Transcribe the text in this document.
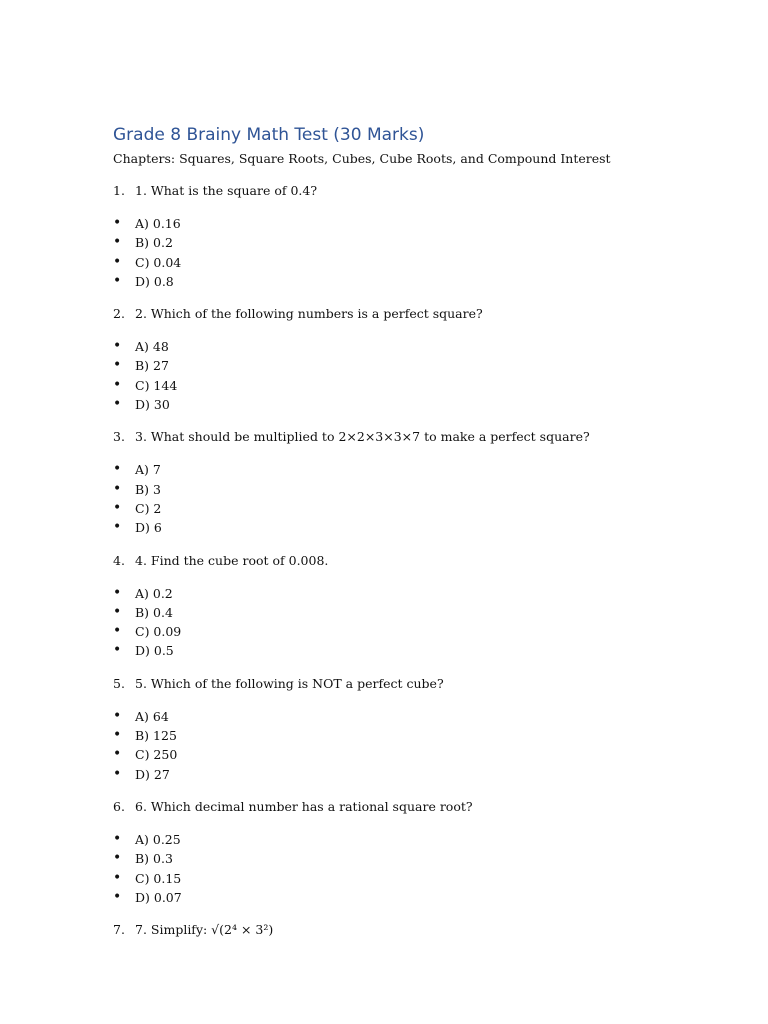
Grade 8 Brainy Math Test (30 Marks)
Chapters: Squares, Square Roots, Cubes, Cube Roots, and Compound Interest
1. 1. What is the square of 0.4?
•	A) 0.16
•	B) 0.2
•	C) 0.04
•	D) 0.8
2. 2. Which of the following numbers is a perfect square?
•	A) 48
•	B) 27
•	C) 144
•	D) 30
3. 3. What should be multiplied to 2×2×3×3×7 to make a perfect square?
•	A) 7
•	B) 3
•	C) 2
•	D) 6
4. 4. Find the cube root of 0.008.
•	A) 0.2
•	B) 0.4
•	C) 0.09
•	D) 0.5
5. 5. Which of the following is NOT a perfect cube?
•	A) 64
•	B) 125
•	C) 250
•	D) 27
6. 6. Which decimal number has a rational square root?
•	A) 0.25
•	B) 0.3
•	C) 0.15
•	D) 0.07
7. 7. Simplify: √(2⁴ × 3²)
